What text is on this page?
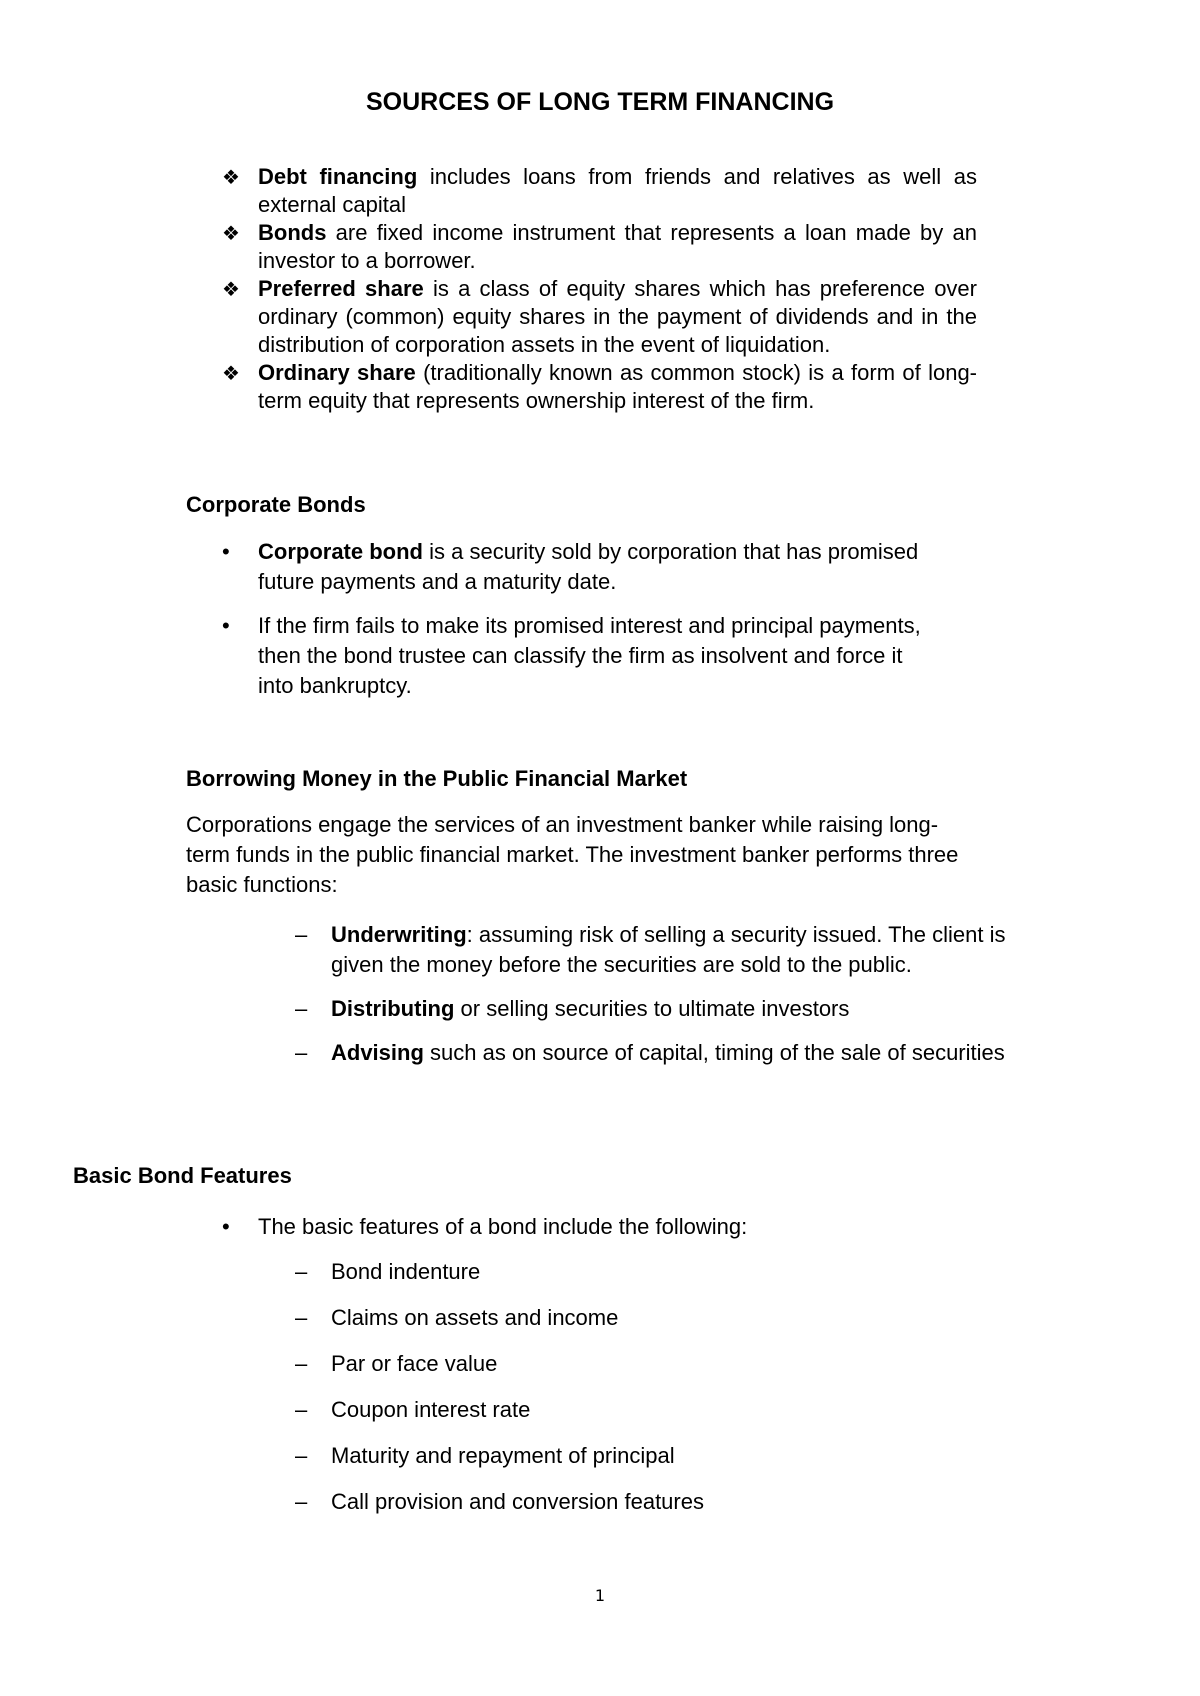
SOURCES OF LONG TERM FINANCING
❖ Debt financing includes loans from friends and relatives as well as external capital
❖ Bonds are fixed income instrument that represents a loan made by an investor to a borrower.
❖ Preferred share is a class of equity shares which has preference over ordinary (common) equity shares in the payment of dividends and in the distribution of corporation assets in the event of liquidation.
❖ Ordinary share (traditionally known as common stock) is a form of long-term equity that represents ownership interest of the firm.
Corporate Bonds
• Corporate bond is a security sold by corporation that has promised future payments and a maturity date.
• If the firm fails to make its promised interest and principal payments, then the bond trustee can classify the firm as insolvent and force it into bankruptcy.
Borrowing Money in the Public Financial Market

Corporations engage the services of an investment banker while raising long-term funds in the public financial market. The investment banker performs three basic functions:

– Underwriting: assuming risk of selling a security issued. The client is given the money before the securities are sold to the public.
– Distributing or selling securities to ultimate investors
– Advising such as on source of capital, timing of the sale of securities
Basic Bond Features
• The basic features of a bond include the following:
– Bond indenture
– Claims on assets and income
– Par or face value
– Coupon interest rate
– Maturity and repayment of principal
– Call provision and conversion features
1
